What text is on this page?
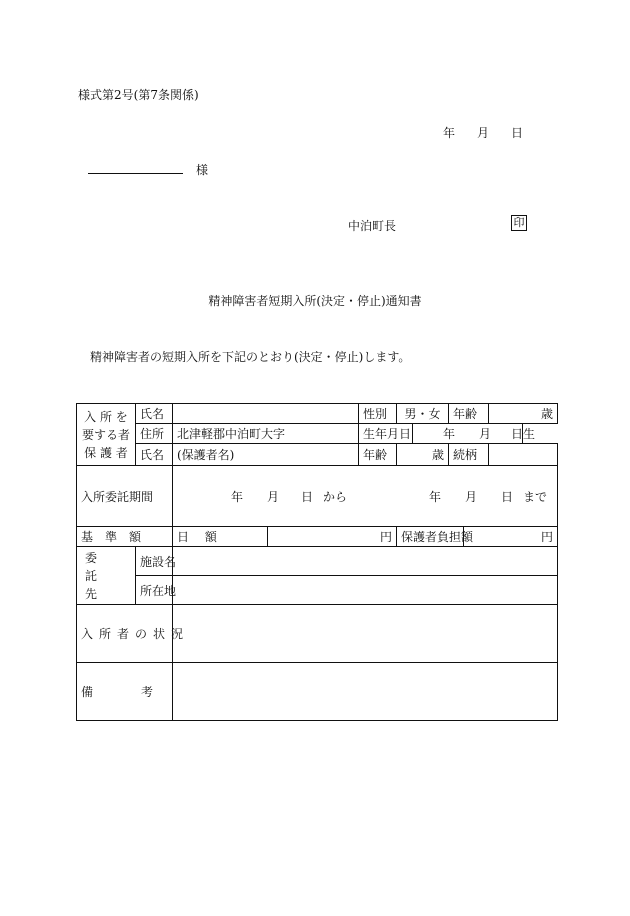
様式第2号(第7条関係)
年 月 日
様
中泊町長	印
精神障害者短期入所(決定・停止)通知書
精神障害者の短期入所を下記のとおり(決定・停止)します。
入 所 を
要する者
保 護 者	氏名			性別	男・女		年齢		歳
	住所	北津軽郡中泊町大字		生年月日		年 月 日生			
	氏名	(保護者名)		年齢	歳		続柄		
入所委託期間		年 月 日 から 年 月 日 まで							
基　準　額		日 額	円		保護者負担額			円	

委
託
先	施設名								
	所在地								
入所者の状況									
備 考									
